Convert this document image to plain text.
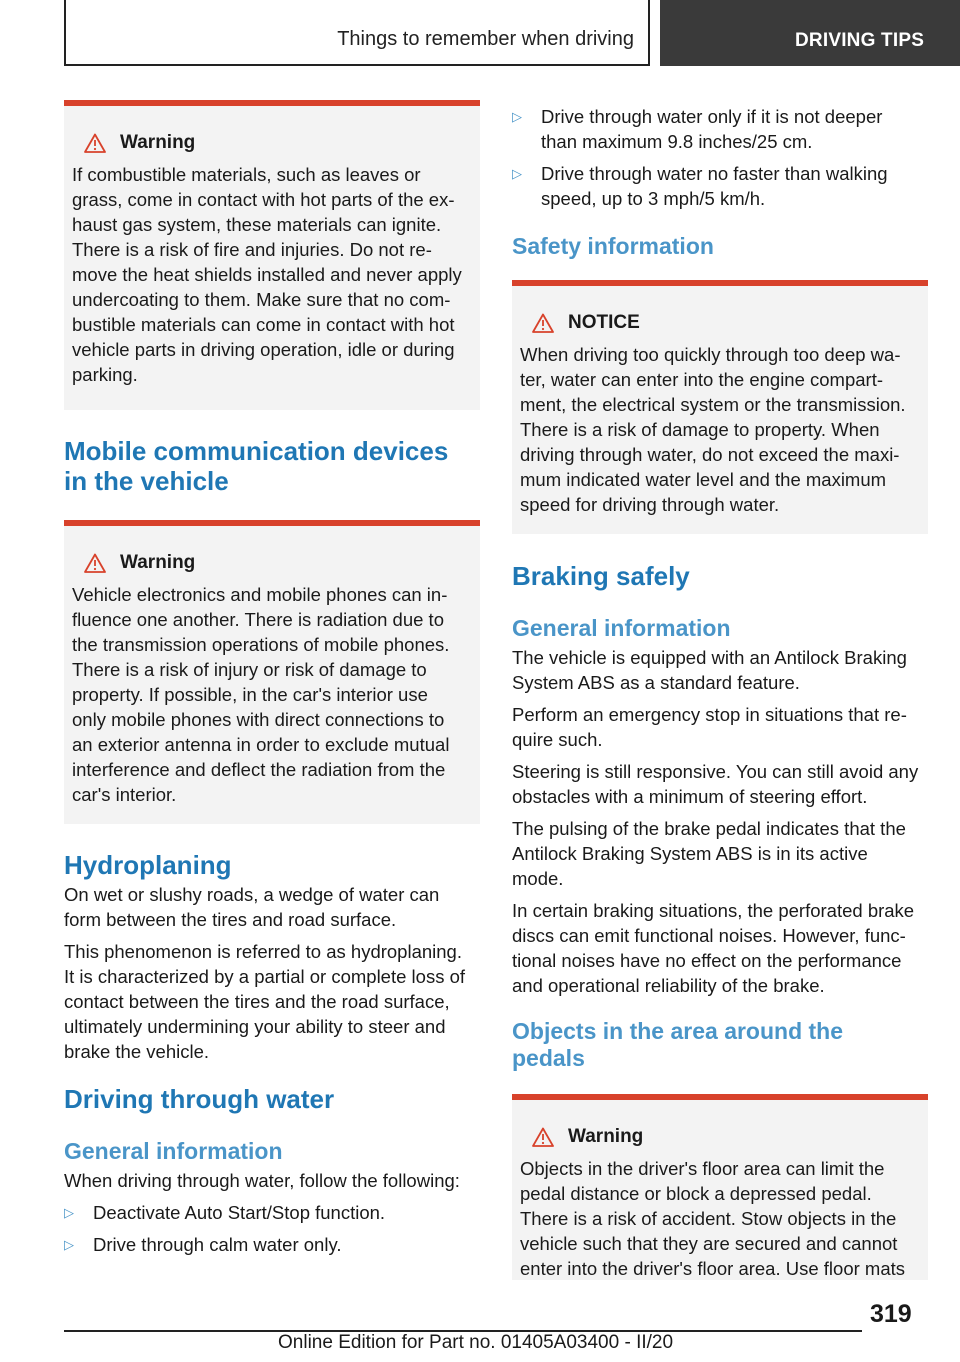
Things to remember when driving	DRIVING TIPS
Warning
If combustible materials, such as leaves or
grass, come in contact with hot parts of the ex-
haust gas system, these materials can ignite.
There is a risk of fire and injuries. Do not re-
move the heat shields installed and never apply
undercoating to them. Make sure that no com-
bustible materials can come in contact with hot
vehicle parts in driving operation, idle or during
parking.
Mobile communication devices
in the vehicle
Warning
Vehicle electronics and mobile phones can in-
fluence one another. There is radiation due to
the transmission operations of mobile phones.
There is a risk of injury or risk of damage to
property. If possible, in the car's interior use
only mobile phones with direct connections to
an exterior antenna in order to exclude mutual
interference and deflect the radiation from the
car's interior.
Hydroplaning

On wet or slushy roads, a wedge of water can
form between the tires and road surface.

This phenomenon is referred to as hydroplaning.
It is characterized by a partial or complete loss of
contact between the tires and the road surface,
ultimately undermining your ability to steer and
brake the vehicle.

Driving through water
General information

When driving through water, follow the following:

▷ Deactivate Auto Start/Stop function.
▷ Drive through calm water only.
▷ Drive through water only if it is not deeper
than maximum 9.8 inches/25 cm.
▷ Drive through water no faster than walking
speed, up to 3 mph/5 km/h.
Safety information
NOTICE
When driving too quickly through too deep wa-
ter, water can enter into the engine compart-
ment, the electrical system or the transmission.
There is a risk of damage to property. When
driving through water, do not exceed the maxi-
mum indicated water level and the maximum
speed for driving through water.
Braking safely
General information

The vehicle is equipped with an Antilock Braking
System ABS as a standard feature.

Perform an emergency stop in situations that re-
quire such.

Steering is still responsive. You can still avoid any
obstacles with a minimum of steering effort.

The pulsing of the brake pedal indicates that the
Antilock Braking System ABS is in its active
mode.

In certain braking situations, the perforated brake
discs can emit functional noises. However, func-
tional noises have no effect on the performance
and operational reliability of the brake.

Objects in the area around the
pedals
Warning
Objects in the driver's floor area can limit the
pedal distance or block a depressed pedal.
There is a risk of accident. Stow objects in the
vehicle such that they are secured and cannot
enter into the driver's floor area. Use floor mats
319
Online Edition for Part no. 01405A03400 - II/20
